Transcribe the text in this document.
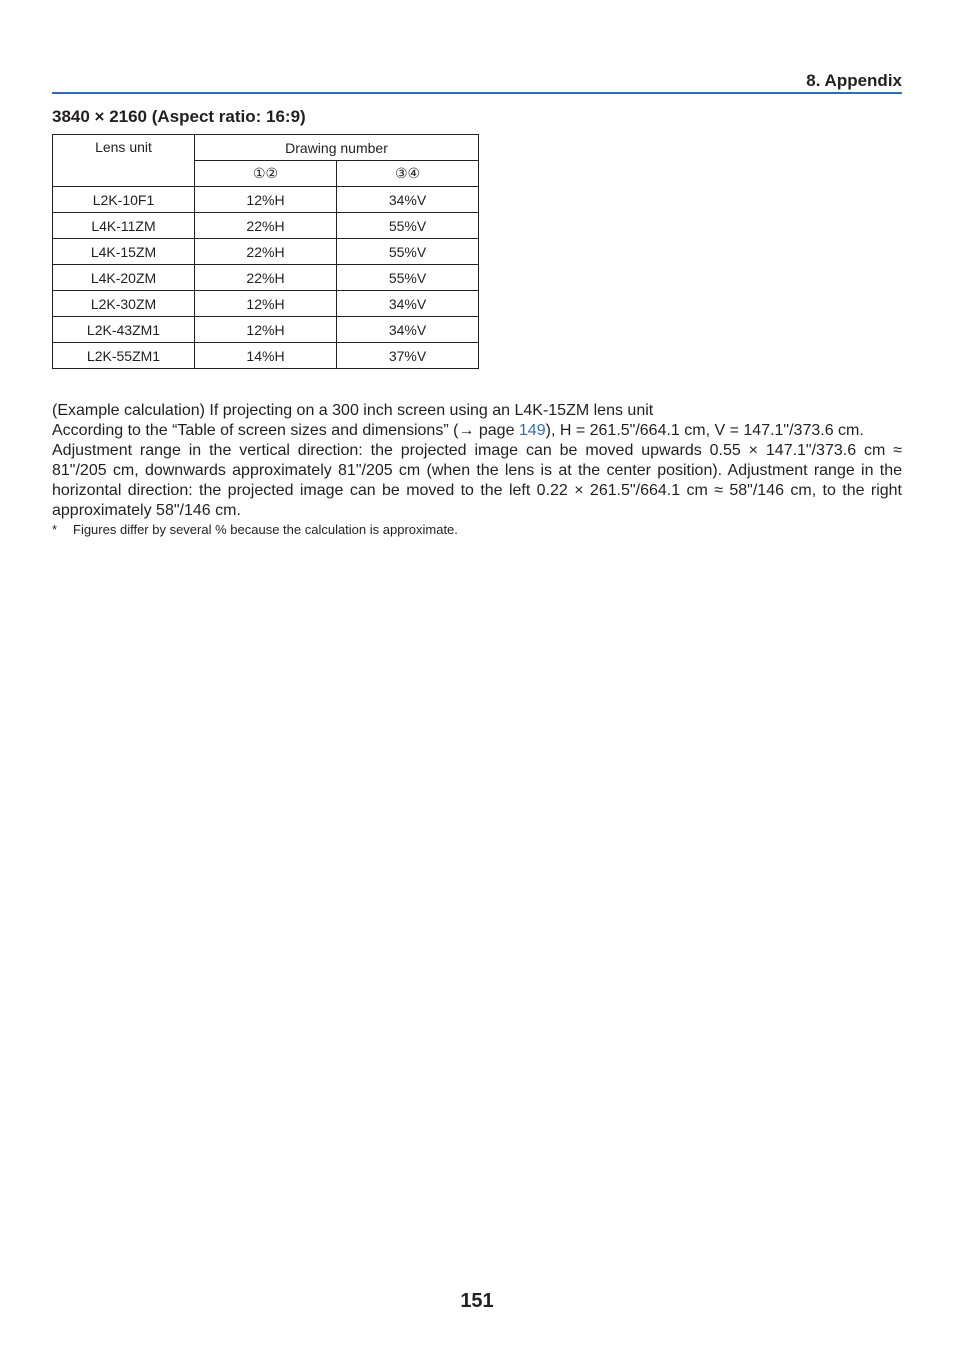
8. Appendix
3840 × 2160 (Aspect ratio: 16:9)
Lens unit	Drawing number	
	①②	③④
L2K-10F1	12%H	34%V
L4K-11ZM	22%H	55%V
L4K-15ZM	22%H	55%V
L4K-20ZM	22%H	55%V
L2K-30ZM	12%H	34%V
L2K-43ZM1	12%H	34%V
L2K-55ZM1	14%H	37%V

(Example calculation) If projecting on a 300 inch screen using an L4K-15ZM lens unit

According to the “Table of screen sizes and dimensions” (→ page 149), H = 261.5"/664.1 cm, V = 147.1"/373.6 cm.

Adjustment range in the vertical direction: the projected image can be moved upwards 0.55 × 147.1"/373.6 cm ≈ 81"/205 cm, downwards approximately 81"/205 cm (when the lens is at the center position). Adjustment range in the horizontal direction: the projected image can be moved to the left 0.22 × 261.5"/664.1 cm ≈ 58"/146 cm, to the right approximately 58"/146 cm.

* Figures differ by several % because the calculation is approximate.
151
